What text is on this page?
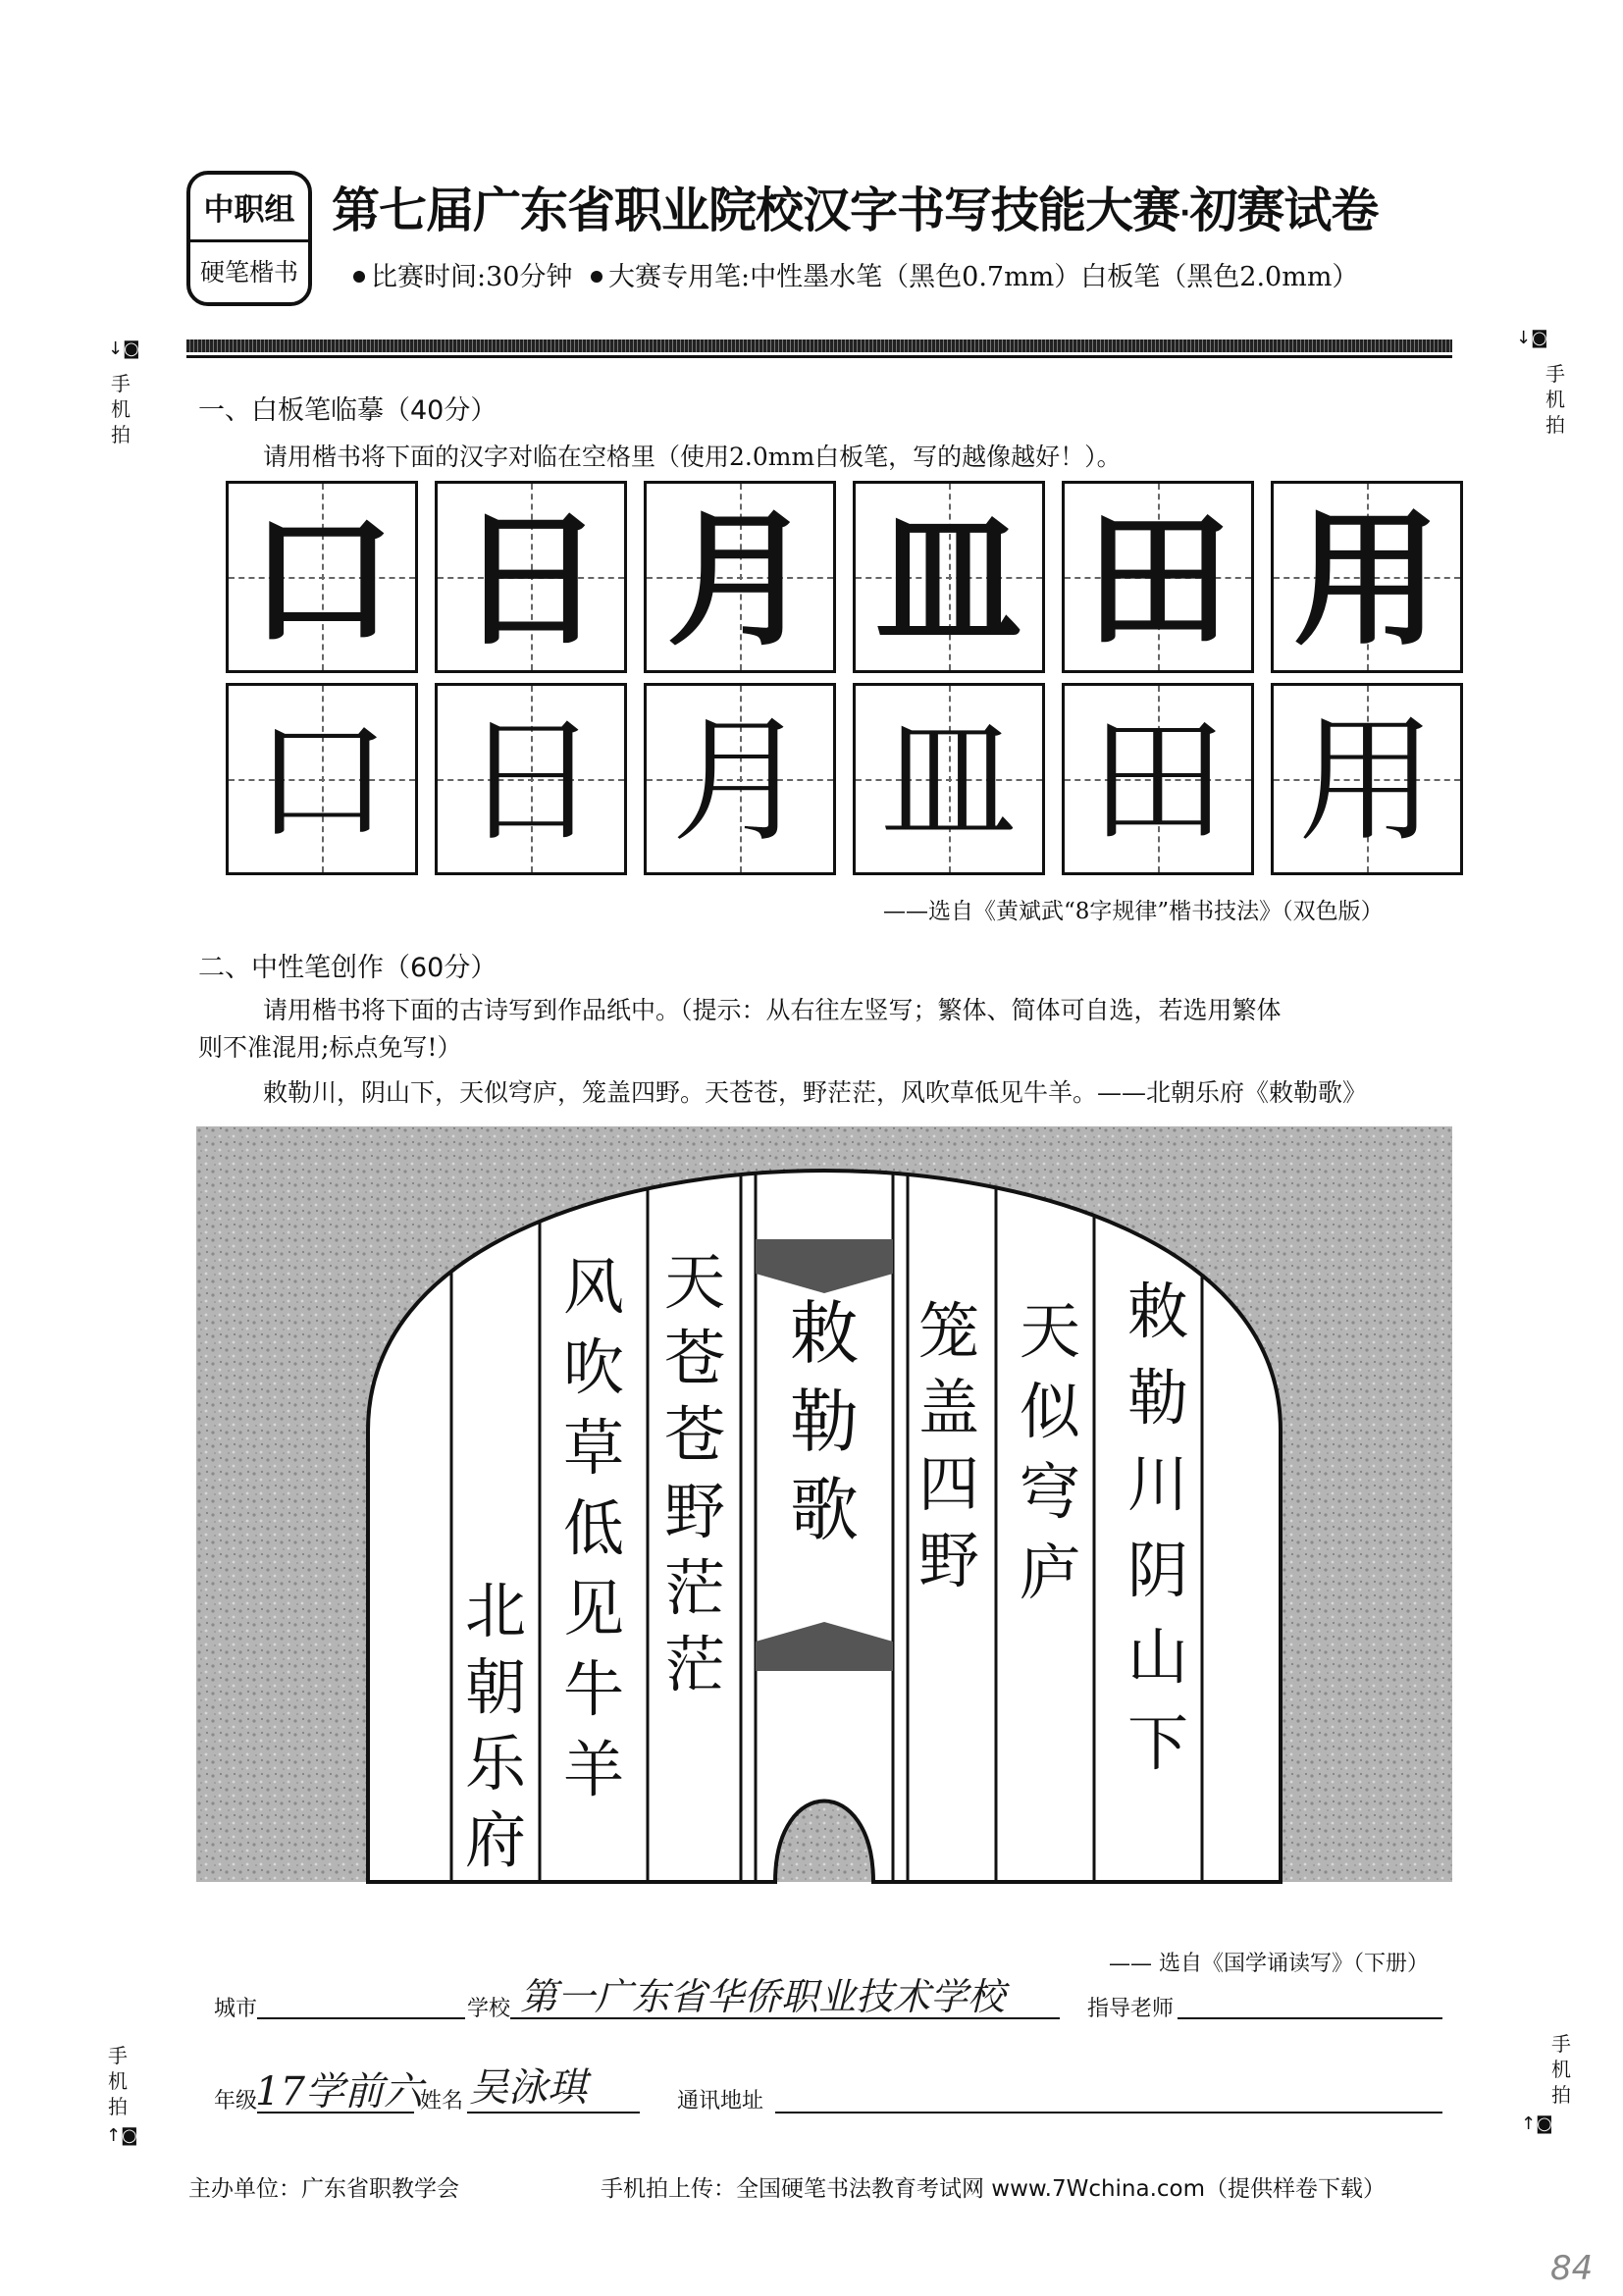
中职组
硬笔楷书
第七届广东省职业院校汉字书写技能大赛·初赛试卷
比赛时间:30分钟 大赛专用笔:中性墨水笔（黑色0.7mm）白板笔（黑色2.0mm）
↓◙
手机拍
↓◙
手机拍
手机拍
↑◙
手机拍
↑◙
一、白板笔临摹（40分）
请用楷书将下面的汉字对临在空格里（使用2.0mm白板笔，写的越像越好！）。
口 日 月 皿 田 用
口 日 月 皿 田 用
——选自《黄斌武“8字规律”楷书技法》（双色版）
二、中性笔创作（60分）
请用楷书将下面的古诗写到作品纸中。（提示：从右往左竖写；繁体、简体可自选，若选用繁体
则不准混用;标点免写!）
敕勒川，阴山下，天似穹庐，笼盖四野。天苍苍，野茫茫，风吹草低见牛羊。——北朝乐府《敕勒歌》
敕
勒
川
阴
山
下
天
似
穹
庐
笼
盖
四
野
敕
勒
歌
天
苍
苍
野
茫
茫
风
吹
草
低
见
牛
羊
北
朝
乐
府
—— 选自《国学诵读写》（下册）
城市	学校 第一广东省华侨职业技术学校	指导老师
年级
17学前六
姓名 吴泳琪	通讯地址
主办单位：广东省职教学会	手机拍上传：全国硬笔书法教育考试网 www.7Wchina.com（提供样卷下载）
84
